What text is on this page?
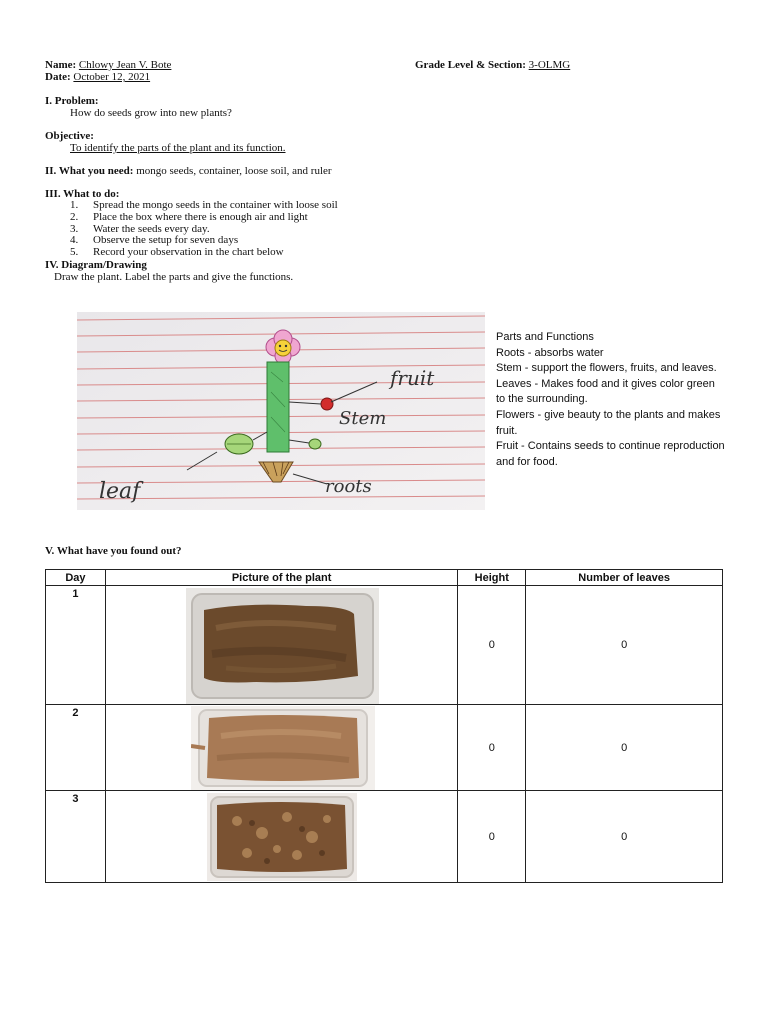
Name: Chlowy Jean V. Bote	Grade Level & Section: 3-OLMG
Date: October 12, 2021
I. Problem:
How do seeds grow into new plants?
Objective:
To identify the parts of the plant and its function.
II. What you need: mongo seeds, container, loose soil, and ruler
III. What to do:
1. Spread the mongo seeds in the container with loose soil
2. Place the box where there is enough air and light
3. Water the seeds every day.
4. Observe the setup for seven days
5. Record your observation in the chart below
IV. Diagram/Drawing
Draw the plant. Label the parts and give the functions.
fruit
Stem
leaf	roots
Parts and Functions
Roots - absorbs water
Stem - support the flowers, fruits, and leaves.
Leaves - Makes food and it gives color green to the surrounding.
Flowers - give beauty to the plants and makes fruit.
Fruit - Contains seeds to continue reproduction and for food.
V. What have you found out?
Day	Picture of the plant	Height	Number of leaves
1		0	0
2		0	0
3		0	0
